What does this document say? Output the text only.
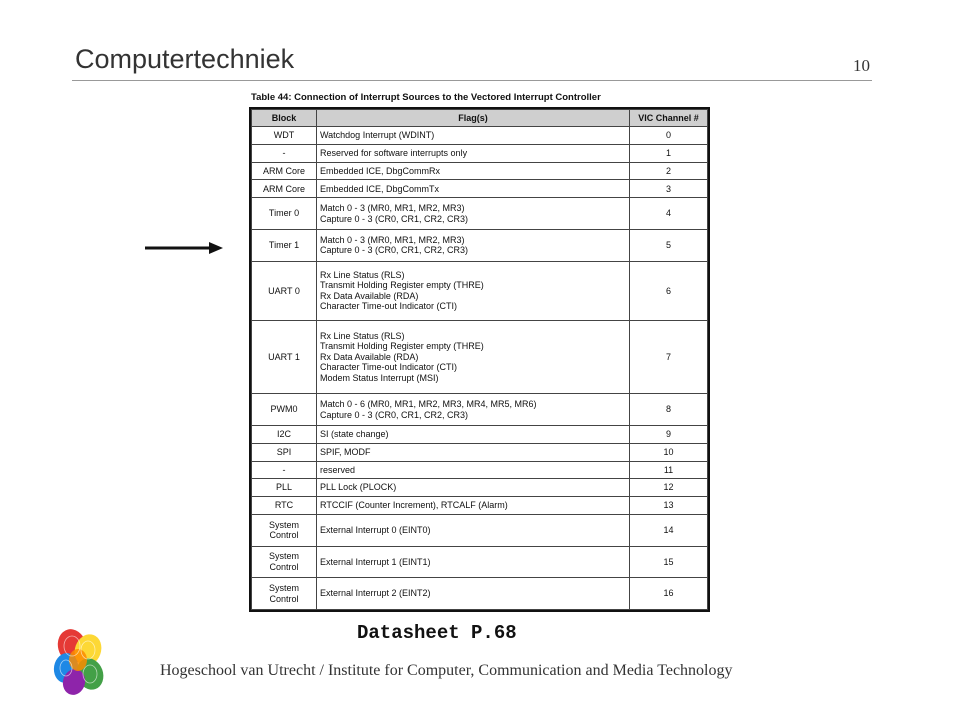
Computertechniek	10
Table 44: Connection of Interrupt Sources to the Vectored Interrupt Controller
Block	Flag(s)	VIC Channel #
WDT	Watchdog Interrupt (WDINT)	0
-	Reserved for software interrupts only	1
ARM Core	Embedded ICE, DbgCommRx	2
ARM Core	Embedded ICE, DbgCommTx	3
Timer 0	Match 0 - 3 (MR0, MR1, MR2, MR3)
Capture 0 - 3 (CR0, CR1, CR2, CR3)	4
Timer 1	Match 0 - 3 (MR0, MR1, MR2, MR3)
Capture 0 - 3 (CR0, CR1, CR2, CR3)	5
UART 0	Rx Line Status (RLS)
Transmit Holding Register empty (THRE)
Rx Data Available (RDA)
Character Time-out Indicator (CTI)	6
UART 1	Rx Line Status (RLS)
Transmit Holding Register empty (THRE)
Rx Data Available (RDA)
Character Time-out Indicator (CTI)
Modem Status Interrupt (MSI)	7
PWM0	Match 0 - 6 (MR0, MR1, MR2, MR3, MR4, MR5, MR6)
Capture 0 - 3 (CR0, CR1, CR2, CR3)	8
I2C	SI (state change)	9
SPI	SPIF, MODF	10
-	reserved	11
PLL	PLL Lock (PLOCK)	12
RTC	RTCCIF (Counter Increment), RTCALF (Alarm)	13
System Control	External Interrupt 0 (EINT0)	14
System Control	External Interrupt 1 (EINT1)	15
System Control	External Interrupt 2 (EINT2)	16
Datasheet P.68
Hogeschool van Utrecht / Institute for Computer, Communication and Media Technology
